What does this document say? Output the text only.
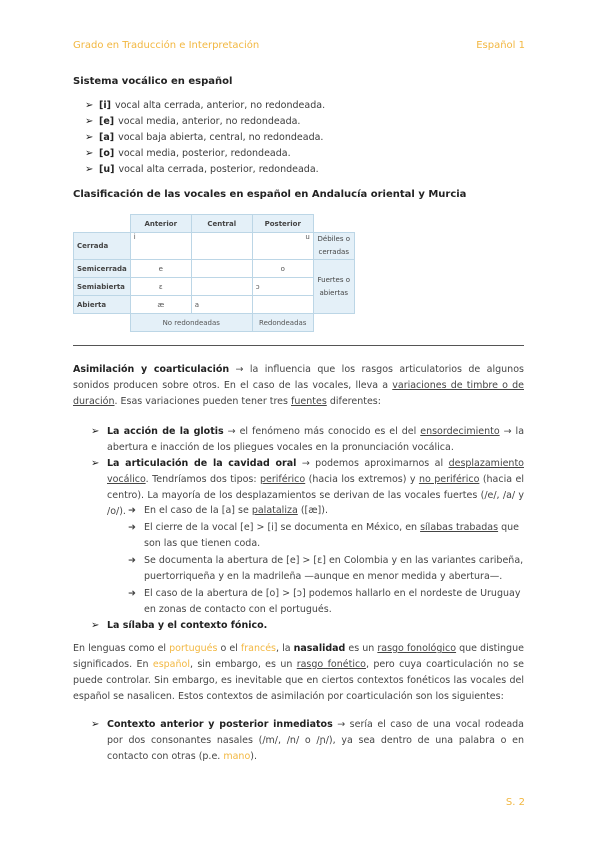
Grado en Traducción e Interpretación	Español 1
Sistema vocálico en español
➢ [i] vocal alta cerrada, anterior, no redondeada.
➢ [e] vocal media, anterior, no redondeada.
➢ [a] vocal baja abierta, central, no redondeada.
➢ [o] vocal media, posterior, redondeada.
➢ [u] vocal alta cerrada, posterior, redondeada.
Clasificación de las vocales en español en Andalucía oriental y Murcia
	Anterior	Central	Posterior	
Cerrada	i		u	Débiles o cerradas
Semicerrada	e		o	Fuertes o abiertas
Semiabierta	ɛ		ɔ	
Abierta	æ	a		
	No redondeadas		Redondeadas	
Asimilación y coarticulación → la influencia que los rasgos articulatorios de algunos sonidos producen sobre otros. En el caso de las vocales, lleva a variaciones de timbre o de duración. Esas variaciones pueden tener tres fuentes diferentes:
➢ La acción de la glotis → el fenómeno más conocido es el del ensordecimiento → la abertura e inacción de los pliegues vocales en la pronunciación vocálica.
➢ La articulación de la cavidad oral → podemos aproximarnos al desplazamiento vocálico. Tendríamos dos tipos: periférico (hacia los extremos) y no periférico (hacia el centro). La mayoría de los desplazamientos se derivan de las vocales fuertes (/e/, /a/ y /o/). ➜ En el caso de la [a] se palataliza ([æ]).
➜ El cierre de la vocal [e] > [i] se documenta en México, en sílabas trabadas que son las que tienen coda.
➜ Se documenta la abertura de [e] > [ɛ] en Colombia y en las variantes caribeña, puertorriqueña y en la madrileña —aunque en menor medida y abertura—.
➜ El caso de la abertura de [o] > [ɔ] podemos hallarlo en el nordeste de Uruguay en zonas de contacto con el portugués.
➢ La sílaba y el contexto fónico.
En lenguas como el portugués o el francés, la nasalidad es un rasgo fonológico que distingue significados. En español, sin embargo, es un rasgo fonético, pero cuya coarticulación no se puede controlar. Sin embargo, es inevitable que en ciertos contextos fonéticos las vocales del español se nasalicen. Estos contextos de asimilación por coarticulación son los siguientes:
➢ Contexto anterior y posterior inmediatos → sería el caso de una vocal rodeada por dos consonantes nasales (/m/, /n/ o /ɲ/), ya sea dentro de una palabra o en contacto con otras (p.e. mano).
S. 2
